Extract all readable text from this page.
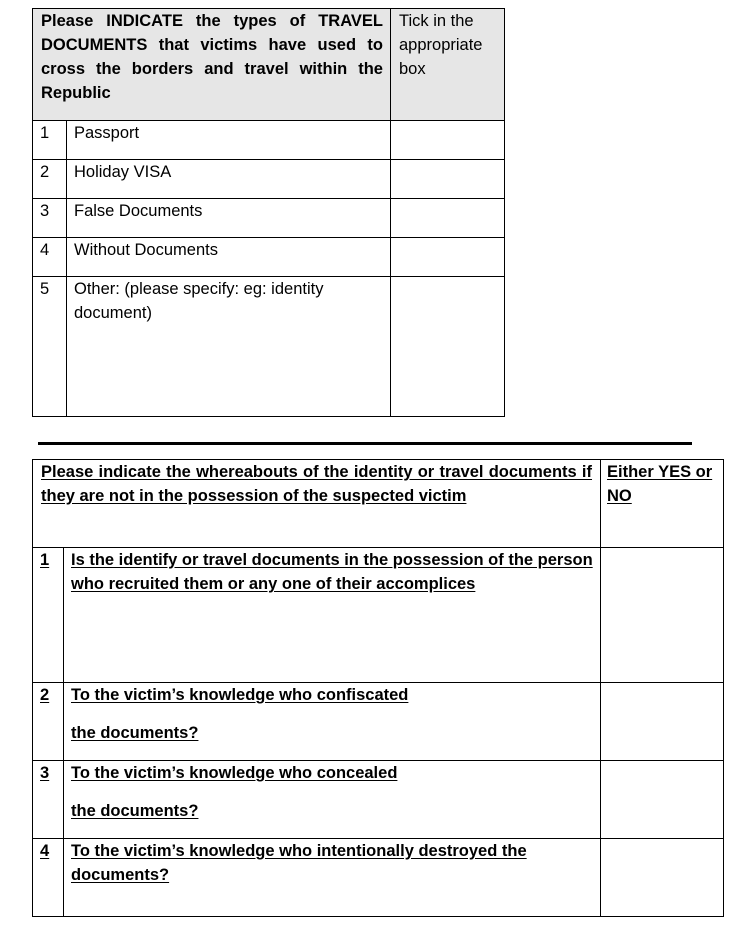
Please INDICATE the types of TRAVEL DOCUMENTS that victims have used to cross the borders and travel within the Republic		Tick in the appropriate box
1	Passport	
2	Holiday VISA	
3	False Documents	
4	Without Documents	
5	Other: (please specify: eg: identity document)	
Please indicate the whereabouts of the identity or travel documents if they are not in the possession of the suspected victim		Either YES or NO
1	Is the identify or travel documents in the possession of the person who recruited them or any one of their accomplices	
2	To the victim’s knowledge who confiscated
the documents?	
3	To the victim’s knowledge who concealed
the documents?	
4	To the victim’s knowledge who intentionally destroyed the documents?	
